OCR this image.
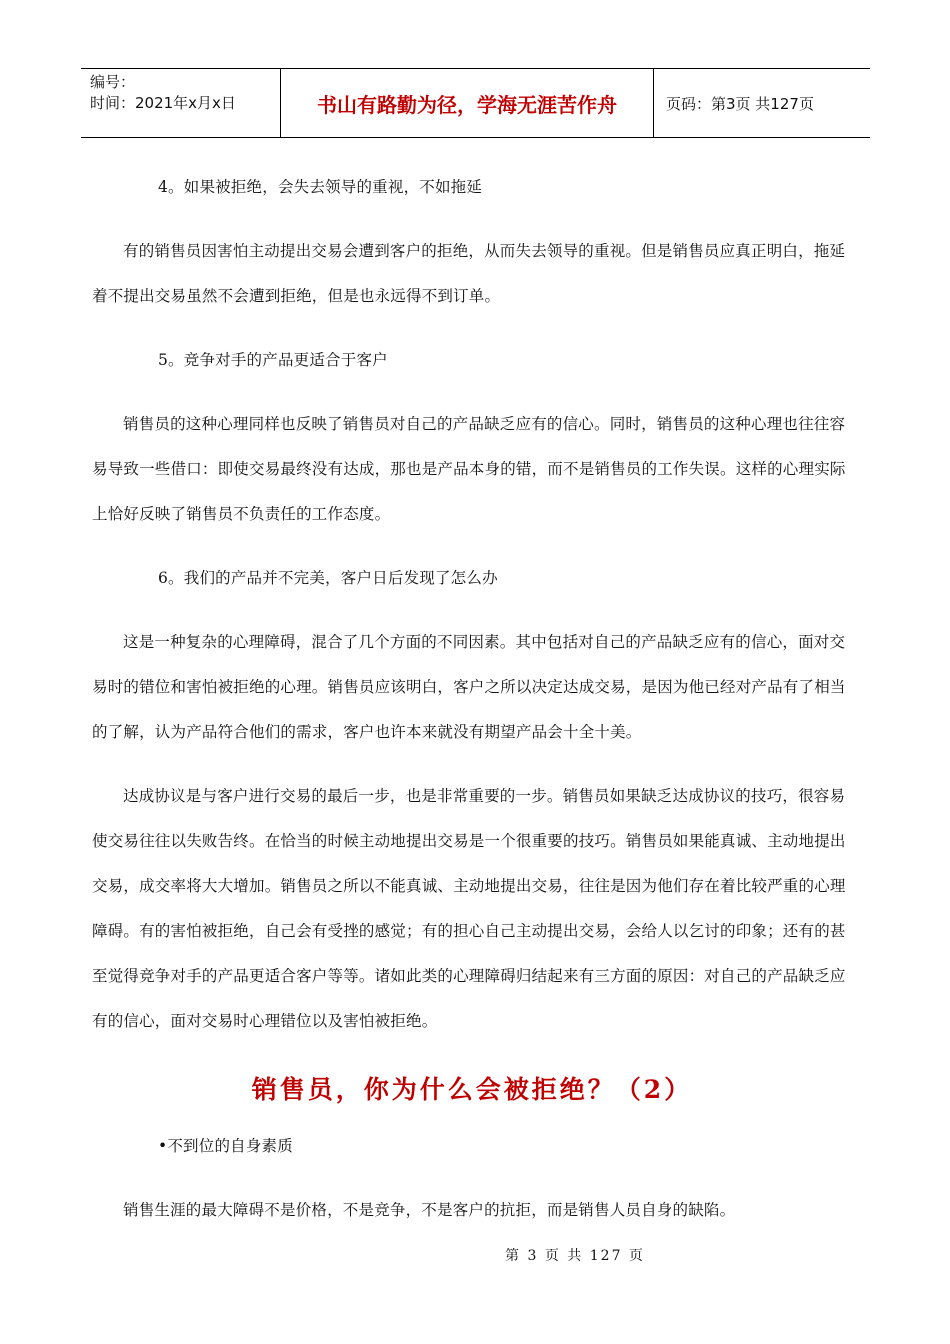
编号：
时间：2021年x月x日	书山有路勤为径，学海无涯苦作舟	页码：第3页 共127页

4。如果被拒绝，会失去领导的重视，不如拖延

有的销售员因害怕主动提出交易会遭到客户的拒绝，从而失去领导的重视。但是销售员应真正明白，拖延着不提出交易虽然不会遭到拒绝，但是也永远得不到订单。

5。竞争对手的产品更适合于客户

销售员的这种心理同样也反映了销售员对自己的产品缺乏应有的信心。同时，销售员的这种心理也往往容易导致一些借口：即使交易最终没有达成，那也是产品本身的错，而不是销售员的工作失误。这样的心理实际上恰好反映了销售员不负责任的工作态度。

6。我们的产品并不完美，客户日后发现了怎么办

这是一种复杂的心理障碍，混合了几个方面的不同因素。其中包括对自己的产品缺乏应有的信心，面对交易时的错位和害怕被拒绝的心理。销售员应该明白，客户之所以决定达成交易，是因为他已经对产品有了相当的了解，认为产品符合他们的需求，客户也许本来就没有期望产品会十全十美。

达成协议是与客户进行交易的最后一步，也是非常重要的一步。销售员如果缺乏达成协议的技巧，很容易使交易往往以失败告终。在恰当的时候主动地提出交易是一个很重要的技巧。销售员如果能真诚、主动地提出交易，成交率将大大增加。销售员之所以不能真诚、主动地提出交易，往往是因为他们存在着比较严重的心理障碍。有的害怕被拒绝，自己会有受挫的感觉；有的担心自己主动提出交易，会给人以乞讨的印象；还有的甚至觉得竞争对手的产品更适合客户等等。诸如此类的心理障碍归结起来有三方面的原因：对自己的产品缺乏应有的信心，面对交易时心理错位以及害怕被拒绝。

销售员，你为什么会被拒绝？（2）

•不到位的自身素质

销售生涯的最大障碍不是价格，不是竞争，不是客户的抗拒，而是销售人员自身的缺陷。

第 3 页 共 127 页
